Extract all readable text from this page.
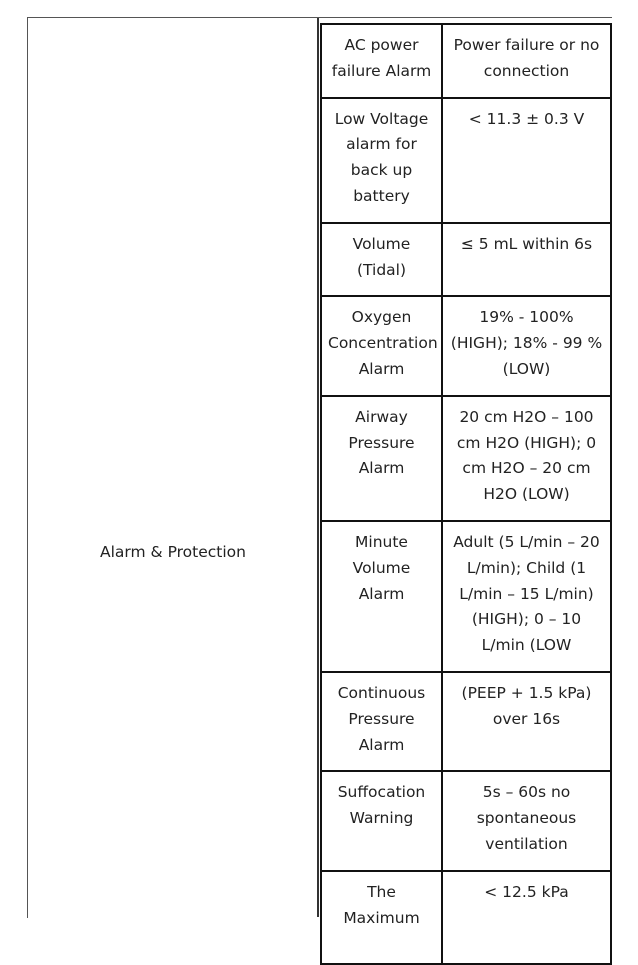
Alarm & Protection
AC power failure Alarm	Power failure or no connection
Low Voltage alarm for back up battery	< 11.3 ± 0.3 V
Volume (Tidal)	≤ 5 mL within 6s
Oxygen Concentration Alarm	19% - 100% (HIGH); 18% - 99 % (LOW)
Airway Pressure Alarm	20 cm H2O – 100 cm H2O (HIGH); 0 cm H2O – 20 cm H2O (LOW)
Minute Volume Alarm	Adult (5 L/min – 20 L/min); Child (1 L/min – 15 L/min) (HIGH); 0 – 10 L/min (LOW
Continuous Pressure Alarm	(PEEP + 1.5 kPa) over 16s
Suffocation Warning	5s – 60s no spontaneous ventilation
The Maximum	< 12.5 kPa
